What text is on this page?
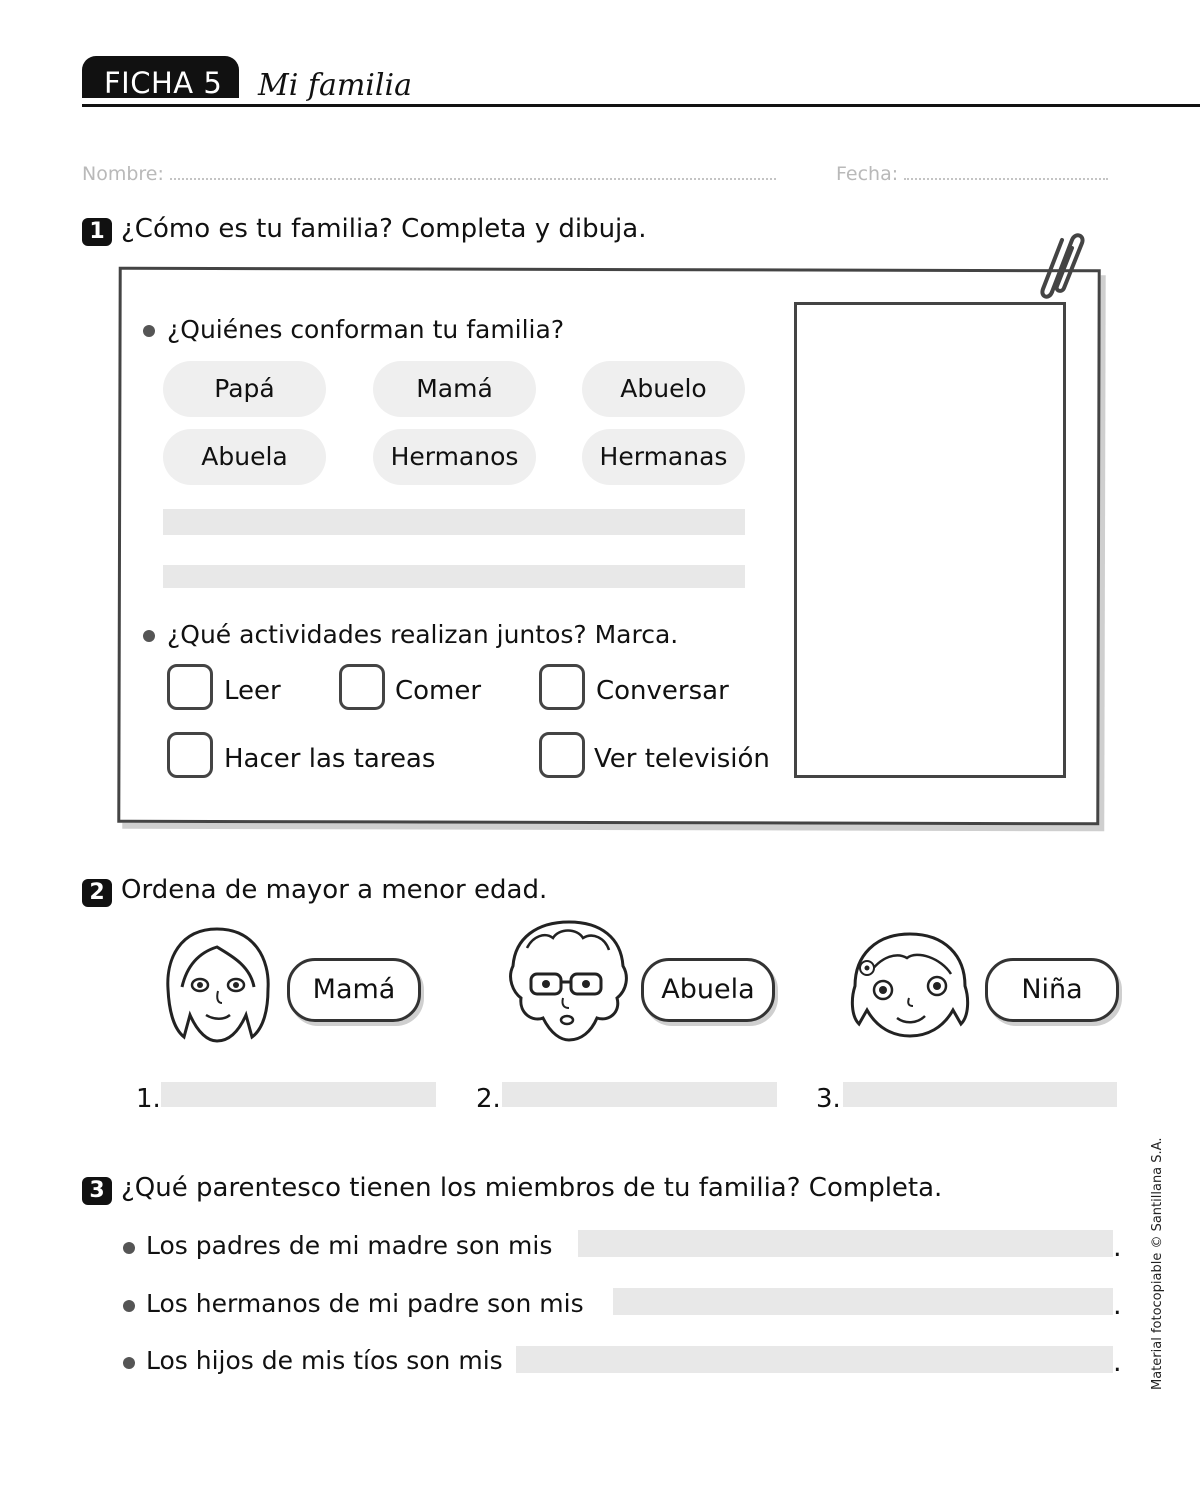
FICHA 5 Mi familia
Nombre:	Fecha:
1 ¿Cómo es tu familia? Completa y dibuja.
¿Quiénes conforman tu familia?
Papá	Mamá	Abuelo
Abuela	Hermanos	Hermanas
¿Qué actividades realizan juntos? Marca.
Leer	Comer	Conversar
Hacer las tareas	Ver televisión
2 Ordena de mayor a menor edad.
Mamá	Abuela	Niña
1.	2.	3.
3 ¿Qué parentesco tienen los miembros de tu familia? Completa.
Los padres de mi madre son mis	.
Los hermanos de mi padre son mis	.
Los hijos de mis tíos son mis	. Material fotocopiable © Santillana S.A.
